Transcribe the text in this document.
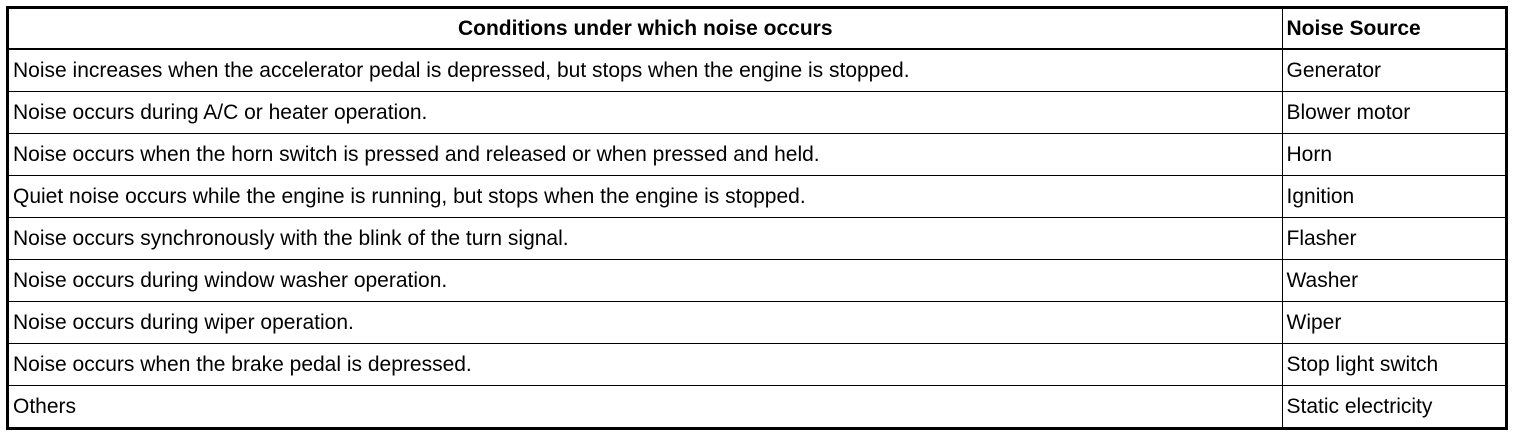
Conditions under which noise occurs	Noise Source
Noise increases when the accelerator pedal is depressed, but stops when the engine is stopped.	Generator
Noise occurs during A/C or heater operation.	Blower motor
Noise occurs when the horn switch is pressed and released or when pressed and held.	Horn
Quiet noise occurs while the engine is running, but stops when the engine is stopped.	Ignition
Noise occurs synchronously with the blink of the turn signal.	Flasher
Noise occurs during window washer operation.	Washer
Noise occurs during wiper operation.	Wiper
Noise occurs when the brake pedal is depressed.	Stop light switch
Others	Static electricity
